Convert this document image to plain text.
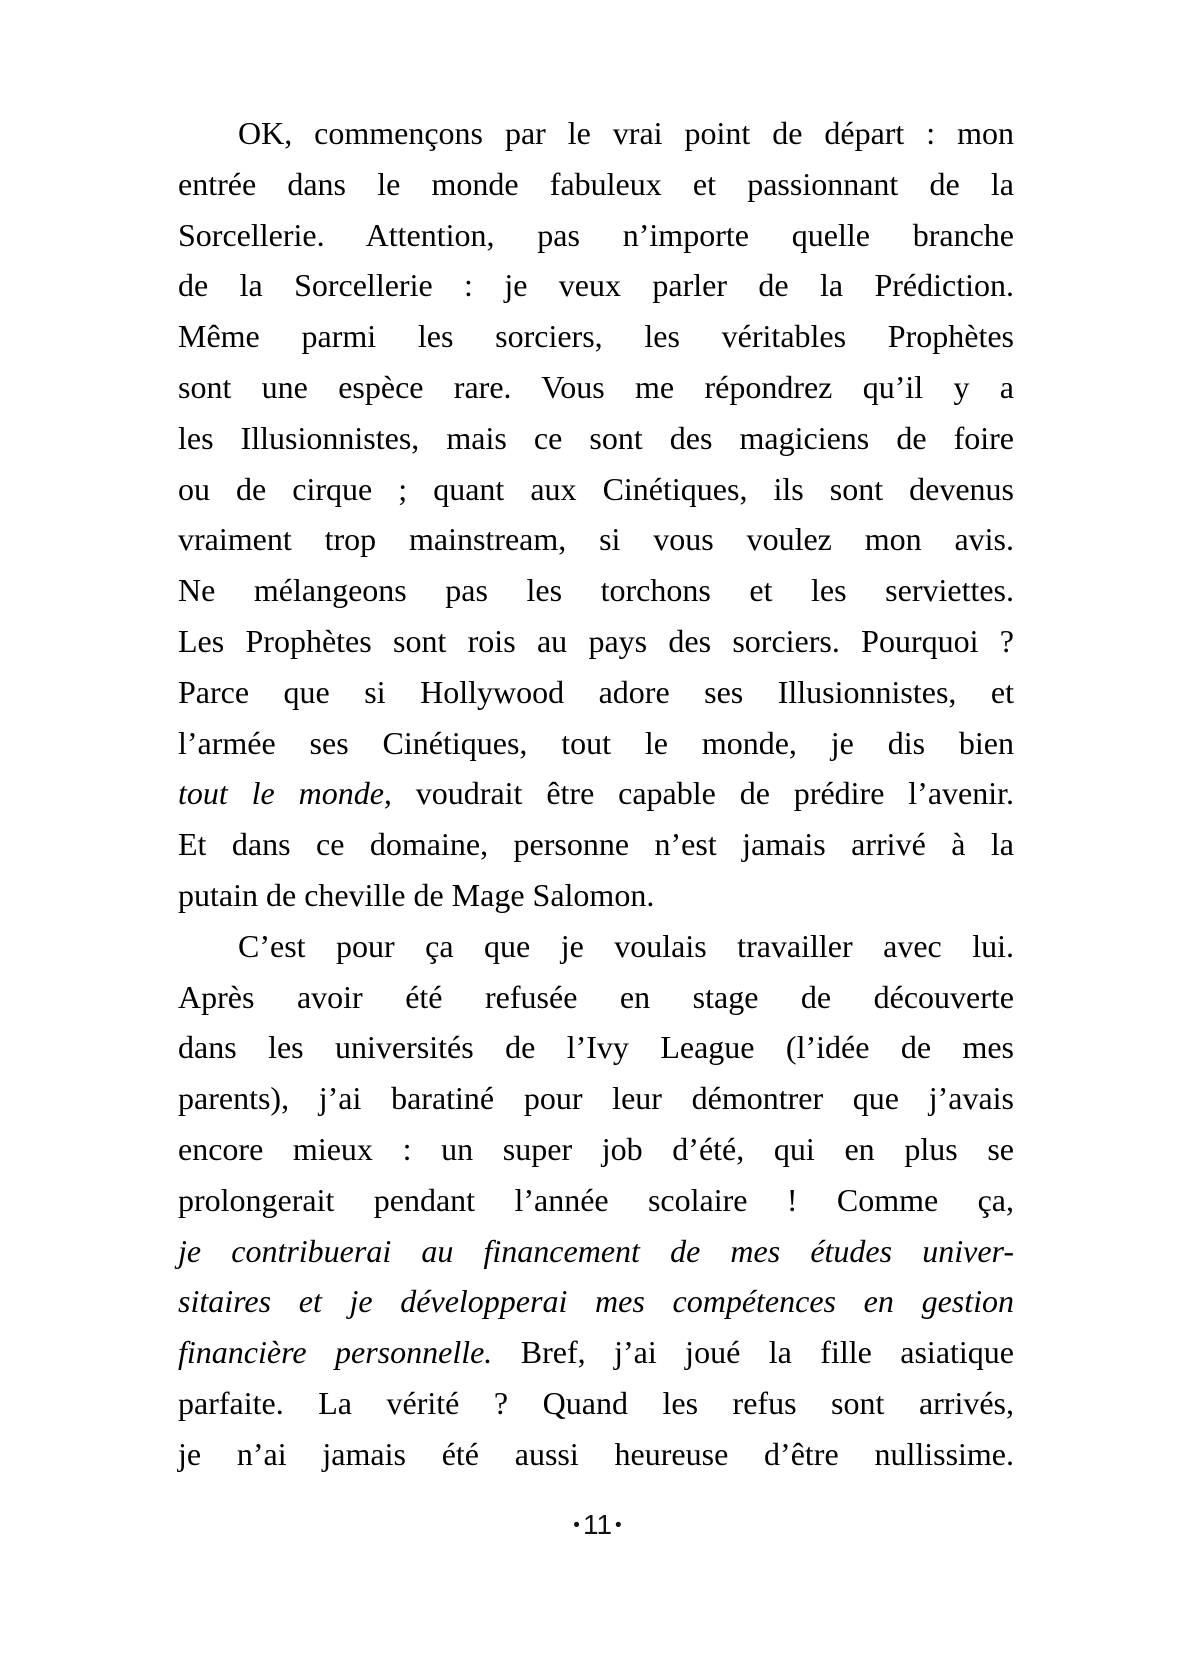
OK, commençons par le vrai point de départ : mon
entrée dans le monde fabuleux et passionnant de la
Sorcellerie. Attention, pas n’importe quelle branche
de la Sorcellerie : je veux parler de la Prédiction.
Même parmi les sorciers, les véritables Prophètes
sont une espèce rare. Vous me répondrez qu’il y a
les Illusionnistes, mais ce sont des magiciens de foire
ou de cirque ; quant aux Cinétiques, ils sont devenus
vraiment trop mainstream, si vous voulez mon avis.
Ne mélangeons pas les torchons et les serviettes.
Les Prophètes sont rois au pays des sorciers. Pourquoi ?
Parce que si Hollywood adore ses Illusionnistes, et
l’armée ses Cinétiques, tout le monde, je dis bien
tout le monde, voudrait être capable de prédire l’avenir.
Et dans ce domaine, personne n’est jamais arrivé à la
putain de cheville de Mage Salomon.
C’est pour ça que je voulais travailler avec lui.
Après avoir été refusée en stage de découverte
dans les universités de l’Ivy League (l’idée de mes
parents), j’ai baratiné pour leur démontrer que j’avais
encore mieux : un super job d’été, qui en plus se
prolongerait pendant l’année scolaire ! Comme ça,
je contribuerai au financement de mes études univer-
sitaires et je développerai mes compétences en gestion
financière personnelle. Bref, j’ai joué la fille asiatique
parfaite. La vérité ? Quand les refus sont arrivés,
je n’ai jamais été aussi heureuse d’être nullissime.
• 11 •
